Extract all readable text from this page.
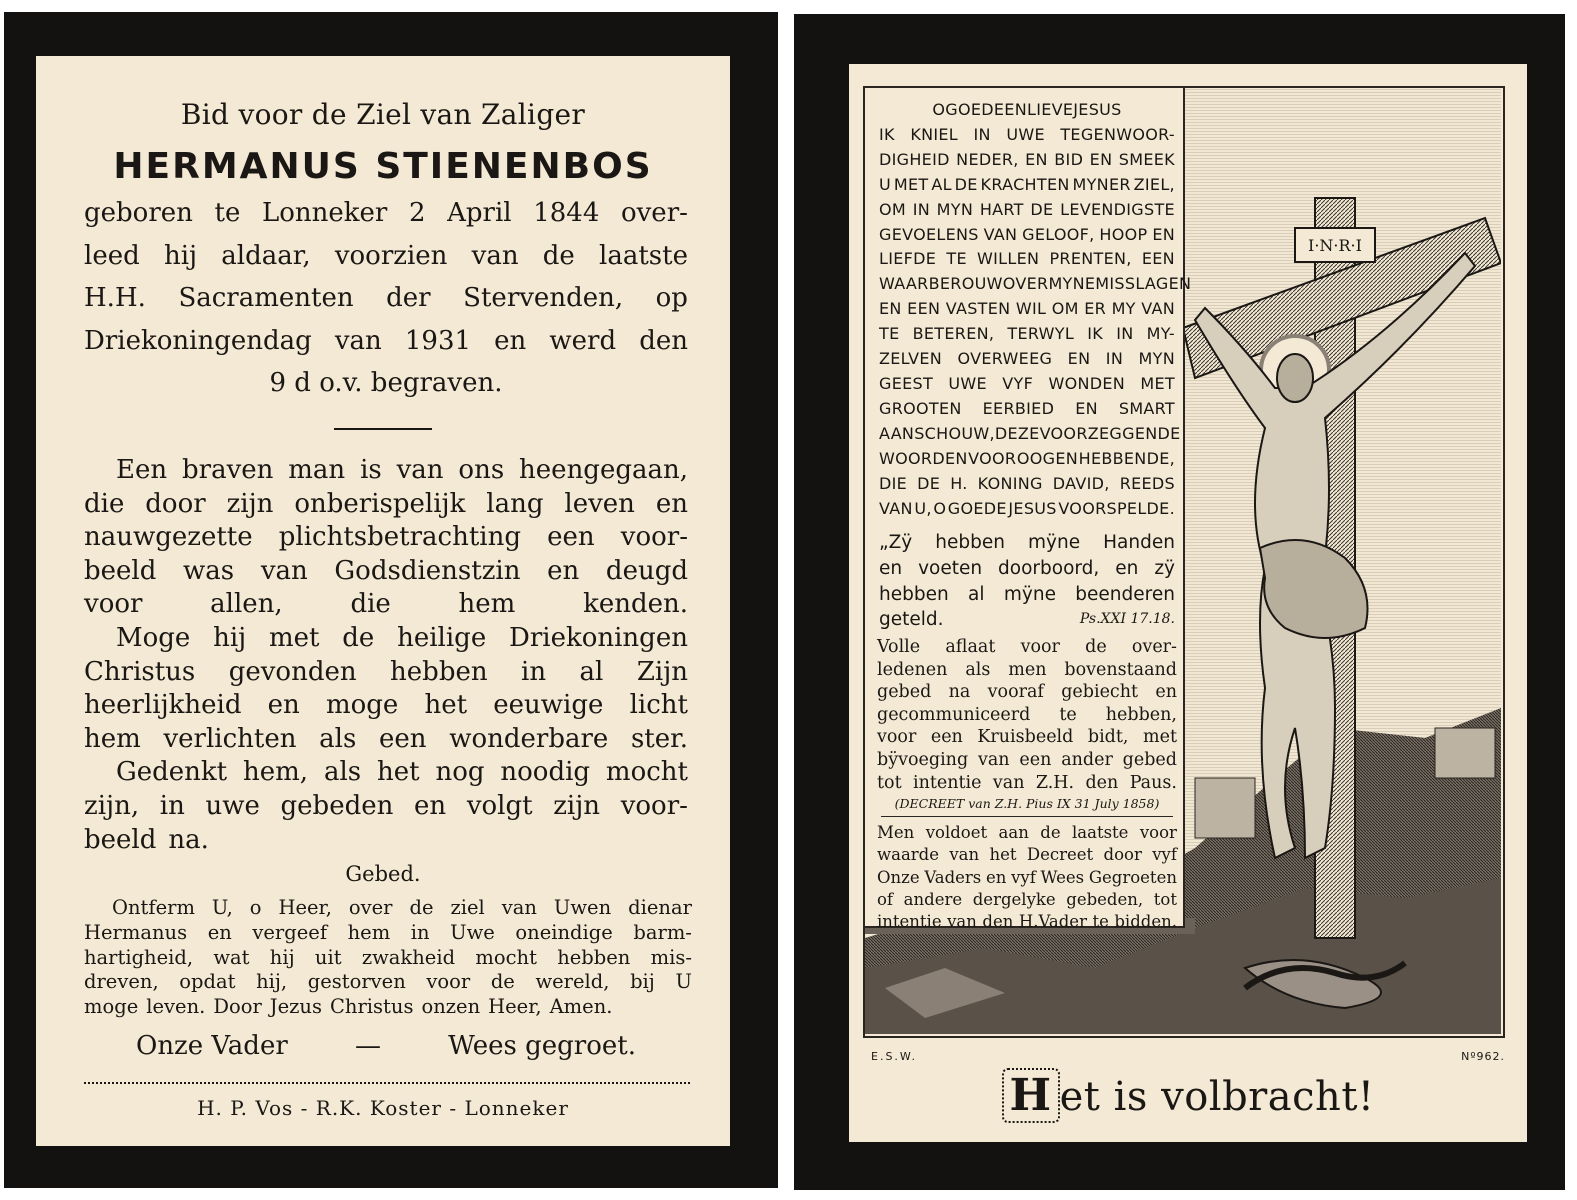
Bid voor de Ziel van Zaliger
HERMANUS STIENENBOS
geboren te Lonneker 2 April 1844 over-
leed hij aldaar, voorzien van de laatste
H.H. Sacramenten der Stervenden, op
Driekoningendag van 1931 en werd den
9 d o.v. begraven.
Een braven man is van ons heengegaan,
die door zijn onberispelijk lang leven en
nauwgezette plichtsbetrachting een voor-
beeld was van Godsdienstzin en deugd
voor	allen,	die	hem	kenden.
Moge hij met de heilige Driekoningen
Christus gevonden hebben in al Zijn
heerlijkheid en moge het eeuwige licht
hem verlichten als een wonderbare ster.
Gedenkt hem, als het nog noodig mocht
zijn, in uwe gebeden en volgt zijn voor-
beeld na.
Gebed.
Ontferm U, o Heer, over de ziel van Uwen dienar
Hermanus en vergeef hem in Uwe oneindige barm-
hartigheid, wat hij uit zwakheid mocht hebben mis-
dreven, opdat hij, gestorven voor de wereld, bij U
moge leven. Door Jezus Christus onzen Heer, Amen.
Onze Vader	—	Wees gegroet.
H. P. Vos - R.K. Koster - Lonneker
I·N·R·I
O GOEDE EN LIEVE JESUS
IK KNIEL IN UWE TEGENWOOR-
DIGHEID NEDER, EN BID EN SMEEK
U MET AL DE KRACHTEN MYNER ZIEL,
OM IN MYN HART DE LEVENDIGSTE
GEVOELENS VAN GELOOF, HOOP EN
LIEFDE TE WILLEN PRENTEN, EEN
WAAR BEROUW OVER MYNE MISSLAGEN
EN EEN VASTEN WIL OM ER MY VAN
TE BETEREN, TERWYL IK IN MY-
ZELVEN OVERWEEG EN IN MYN
GEEST UWE VYF WONDEN MET
GROOTEN EERBIED EN SMART
AANSCHOUW, DEZE VOORZEGGENDE
WOORDEN VOOR OOGEN HEBBENDE,
DIE DE H. KONING DAVID, REEDS
VAN U, O GOEDE JESUS VOORSPELDE.
„Zÿ hebben mÿne Handen
en voeten doorboord, en zÿ
hebben al mÿne beenderen
geteld.	Ps.XXI 17.18.
Volle aflaat voor de over-
ledenen als men bovenstaand
gebed na vooraf gebiecht en
gecommuniceerd te hebben,
voor een Kruisbeeld bidt, met
bÿvoeging van een ander gebed
tot intentie van Z.H. den Paus.
(DECREET van Z.H. Pius IX 31 July 1858)
Men voldoet aan de laatste voor
waarde van het Decreet door vyf
Onze Vaders en vyf Wees Gegroeten
of andere dergelyke gebeden, tot
intentie van den H.Vader te bidden.
E.S.W.	Nº962.
H et is volbracht!
